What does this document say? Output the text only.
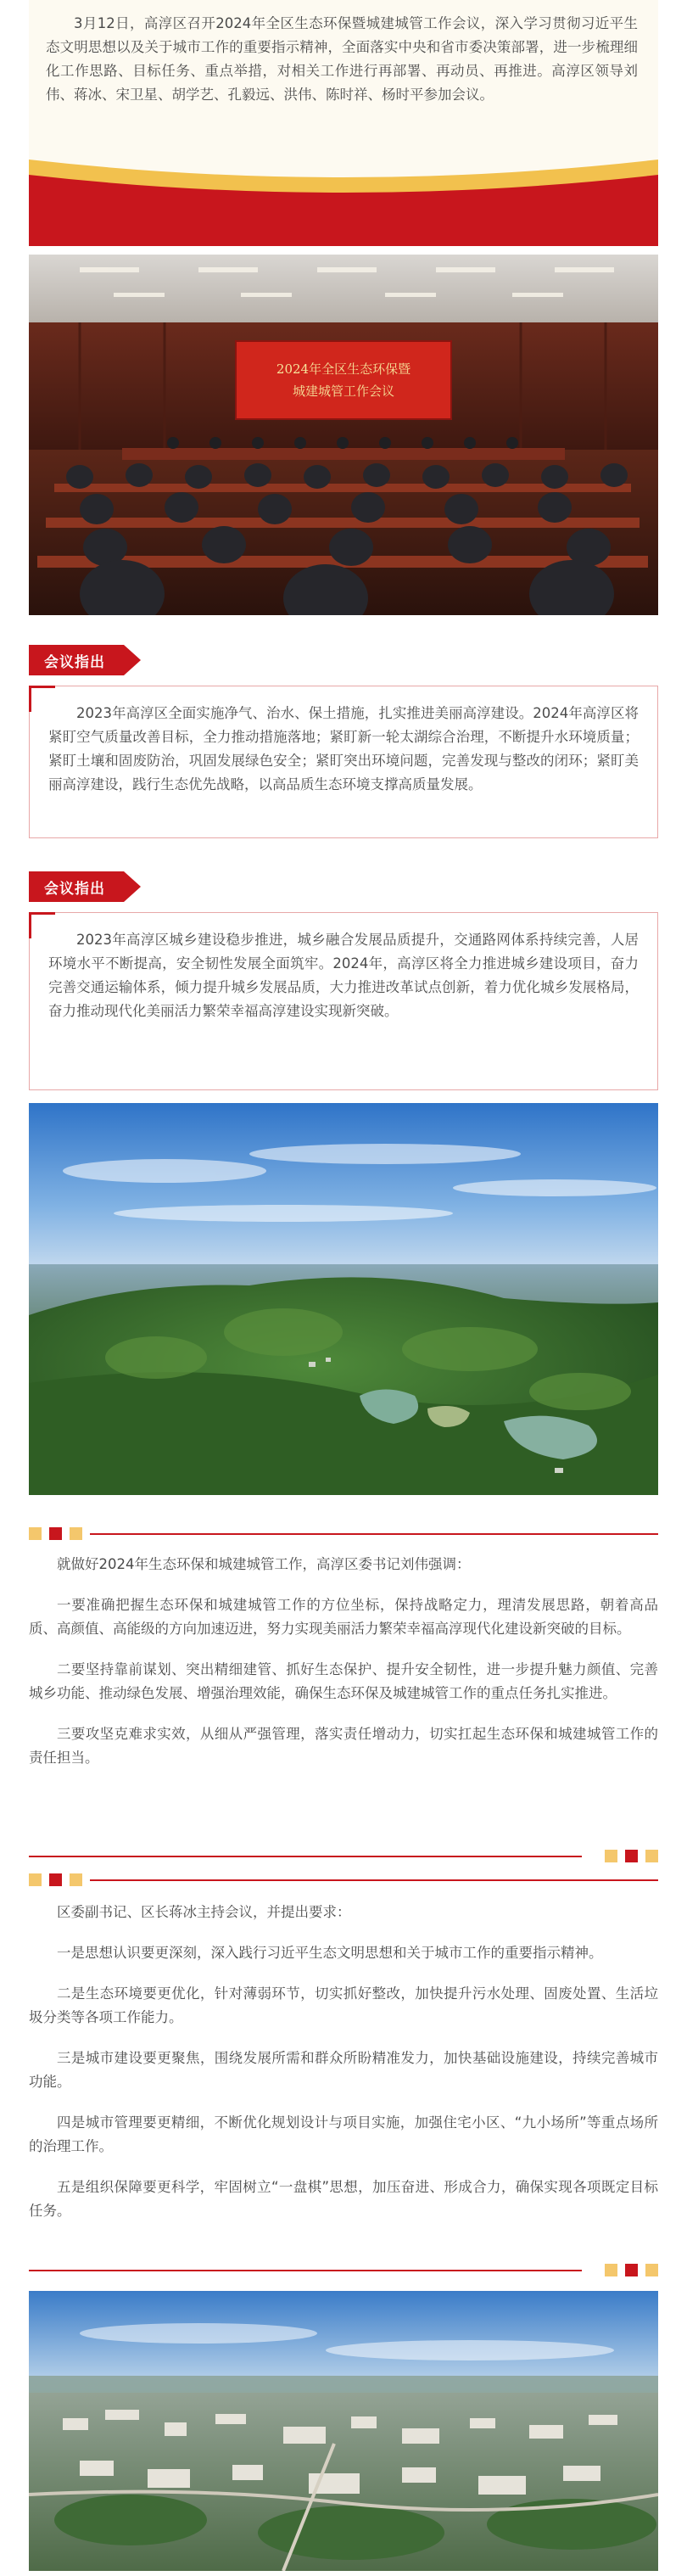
3月12日，高淳区召开2024年全区生态环保暨城建城管工作会议，深入学习贯彻习近平生态文明思想以及关于城市工作的重要指示精神，全面落实中央和省市委决策部署，进一步梳理细化工作思路、目标任务、重点举措，对相关工作进行再部署、再动员、再推进。高淳区领导刘伟、蒋冰、宋卫星、胡学艺、孔毅远、洪伟、陈时祥、杨时平参加会议。

2024年全区生态环保暨
城建城管工作会议
会议指出

2023年高淳区全面实施净气、治水、保土措施，扎实推进美丽高淳建设。2024年高淳区将紧盯空气质量改善目标，全力推动措施落地；紧盯新一轮太湖综合治理，不断提升水环境质量；紧盯土壤和固废防治，巩固发展绿色安全；紧盯突出环境问题，完善发现与整改的闭环；紧盯美丽高淳建设，践行生态优先战略，以高品质生态环境支撑高质量发展。

会议指出

2023年高淳区城乡建设稳步推进，城乡融合发展品质提升，交通路网体系持续完善，人居环境水平不断提高，安全韧性发展全面筑牢。2024年，高淳区将全力推进城乡建设项目，奋力完善交通运输体系，倾力提升城乡发展品质，大力推进改革试点创新，着力优化城乡发展格局，奋力推动现代化美丽活力繁荣幸福高淳建设实现新突破。

就做好2024年生态环保和城建城管工作，高淳区委书记刘伟强调：

一要准确把握生态环保和城建城管工作的方位坐标，保持战略定力，理清发展思路，朝着高品质、高颜值、高能级的方向加速迈进，努力实现美丽活力繁荣幸福高淳现代化建设新突破的目标。

二要坚持靠前谋划、突出精细建管、抓好生态保护、提升安全韧性，进一步提升魅力颜值、完善城乡功能、推动绿色发展、增强治理效能，确保生态环保及城建城管工作的重点任务扎实推进。

三要攻坚克难求实效，从细从严强管理，落实责任增动力，切实扛起生态环保和城建城管工作的责任担当。

区委副书记、区长蒋冰主持会议，并提出要求：

一是思想认识要更深刻，深入践行习近平生态文明思想和关于城市工作的重要指示精神。

二是生态环境要更优化，针对薄弱环节，切实抓好整改，加快提升污水处理、固废处置、生活垃圾分类等各项工作能力。

三是城市建设要更聚焦，围绕发展所需和群众所盼精准发力，加快基础设施建设，持续完善城市功能。

四是城市管理要更精细，不断优化规划设计与项目实施，加强住宅小区、“九小场所”等重点场所的治理工作。

五是组织保障要更科学，牢固树立“一盘棋”思想，加压奋进、形成合力，确保实现各项既定目标任务。
